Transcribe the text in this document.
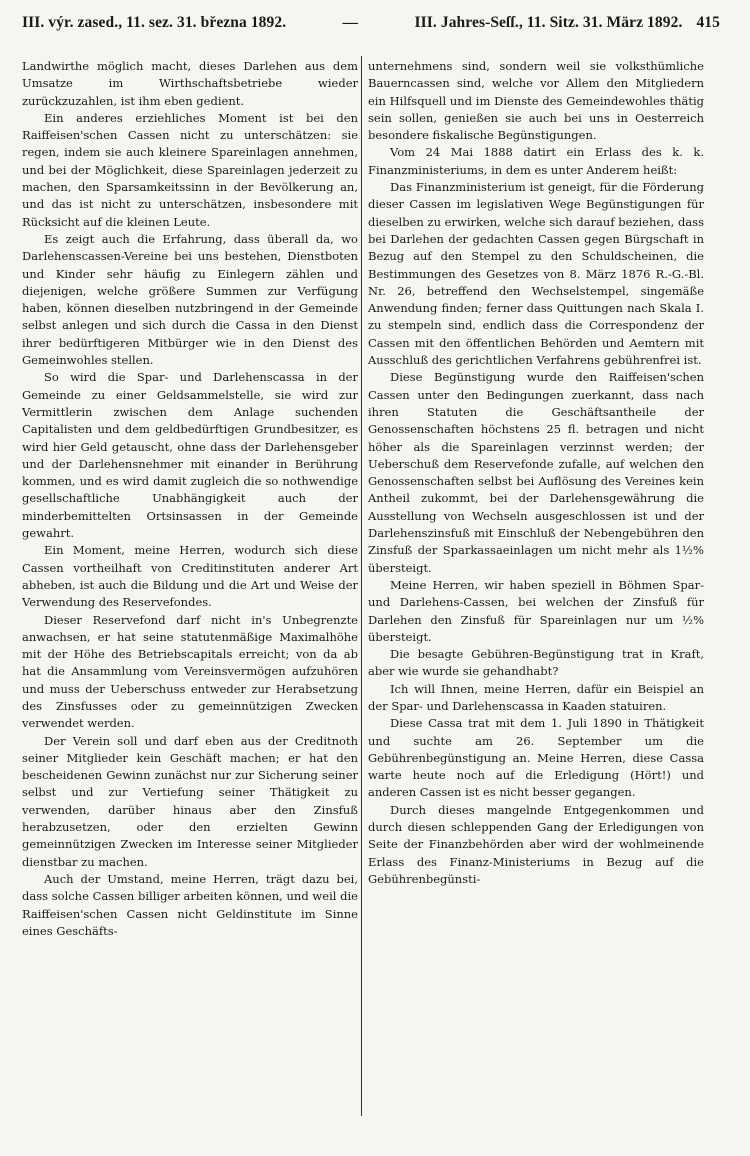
III. výr. zased., 11. sez. 31. března 1892.	—	III. Jahres-Seſſ., 11. Sitz. 31. März 1892. 415

Landwirthe möglich macht, dieses Darlehen aus dem Umsatze im Wirthschaftsbetriebe wieder zurückzuzahlen, ist ihm eben gedient.

Ein anderes erziehliches Moment ist bei den Raiffeisen'schen Cassen nicht zu unterschätzen: sie regen, indem sie auch kleinere Spareinlagen annehmen, und bei der Möglichkeit, diese Spareinlagen jederzeit zu machen, den Sparsamkeitssinn in der Bevölkerung an, und das ist nicht zu unterschätzen, insbesondere mit Rücksicht auf die kleinen Leute.

Es zeigt auch die Erfahrung, dass überall da, wo Darlehenscassen-Vereine bei uns bestehen, Dienstboten und Kinder sehr häufig zu Einlegern zählen und diejenigen, welche größere Summen zur Verfügung haben, können dieselben nutzbringend in der Gemeinde selbst anlegen und sich durch die Cassa in den Dienst ihrer bedürftigeren Mitbürger wie in den Dienst des Gemeinwohles stellen.

So wird die Spar- und Darlehenscassa in der Gemeinde zu einer Geldsammelstelle, sie wird zur Vermittlerin zwischen dem Anlage suchenden Capitalisten und dem geldbedürftigen Grundbesitzer, es wird hier Geld getauscht, ohne dass der Darlehensgeber und der Darlehensnehmer mit einander in Berührung kommen, und es wird damit zugleich die so nothwendige gesellschaftliche Unabhängigkeit auch der minderbemittelten Ortsinsassen in der Gemeinde gewahrt.

Ein Moment, meine Herren, wodurch sich diese Cassen vortheilhaft von Creditinstituten anderer Art abheben, ist auch die Bildung und die Art und Weise der Verwendung des Reservefondes.

Dieser Reservefond darf nicht in's Unbegrenzte anwachsen, er hat seine statutenmäßige Maximalhöhe mit der Höhe des Betriebscapitals erreicht; von da ab hat die Ansammlung vom Vereinsvermögen aufzuhören und muss der Ueberschuss entweder zur Herabsetzung des Zinsfusses oder zu gemeinnützigen Zwecken verwendet werden.

Der Verein soll und darf eben aus der Creditnoth seiner Mitglieder kein Geschäft machen; er hat den bescheidenen Gewinn zunächst nur zur Sicherung seiner selbst und zur Vertiefung seiner Thätigkeit zu verwenden, darüber hinaus aber den Zinsfuß herabzusetzen, oder den erzielten Gewinn gemeinnützigen Zwecken im Interesse seiner Mitglieder dienstbar zu machen.

Auch der Umstand, meine Herren, trägt dazu bei, dass solche Cassen billiger arbeiten können, und weil die Raiffeisen'schen Cassen nicht Geldinstitute im Sinne eines Geschäfts-

unternehmens sind, sondern weil sie volksthümliche Bauerncassen sind, welche vor Allem den Mitgliedern ein Hilfsquell und im Dienste des Gemeindewohles thätig sein sollen, genießen sie auch bei uns in Oesterreich besondere fiskalische Begünstigungen.

Vom 24 Mai 1888 datirt ein Erlass des k. k. Finanzministeriums, in dem es unter Anderem heißt:

Das Finanzministerium ist geneigt, für die Förderung dieser Cassen im legislativen Wege Begünstigungen für dieselben zu erwirken, welche sich darauf beziehen, dass bei Darlehen der gedachten Cassen gegen Bürgschaft in Bezug auf den Stempel zu den Schuldscheinen, die Bestimmungen des Gesetzes von 8. März 1876 R.-G.-Bl. Nr. 26, betreffend den Wechselstempel, singemäße Anwendung finden; ferner dass Quittungen nach Skala I. zu stempeln sind, endlich dass die Correspondenz der Cassen mit den öffentlichen Behörden und Aemtern mit Ausschluß des gerichtlichen Verfahrens gebührenfrei ist.

Diese Begünstigung wurde den Raiffeisen'schen Cassen unter den Bedingungen zuerkannt, dass nach ihren Statuten die Geschäftsantheile der Genossenschaften höchstens 25 fl. betragen und nicht höher als die Spareinlagen verzinnst werden; der Ueberschuß dem Reservefonde zufalle, auf welchen den Genossenschaften selbst bei Auflösung des Vereines kein Antheil zukommt, bei der Darlehensgewährung die Ausstellung von Wechseln ausgeschlossen ist und der Darlehenszinsfuß mit Einschluß der Nebengebühren den Zinsfuß der Sparkassaeinlagen um nicht mehr als 1½% übersteigt.

Meine Herren, wir haben speziell in Böhmen Spar- und Darlehens-Cassen, bei welchen der Zinsfuß für Darlehen den Zinsfuß für Spareinlagen nur um ½% übersteigt.

Die besagte Gebühren-Begünstigung trat in Kraft, aber wie wurde sie gehandhabt?

Ich will Ihnen, meine Herren, dafür ein Beispiel an der Spar- und Darlehenscassa in Kaaden statuiren.

Diese Cassa trat mit dem 1. Juli 1890 in Thätigkeit und suchte am 26. September um die Gebührenbegünstigung an. Meine Herren, diese Cassa warte heute noch auf die Erledigung (Hört!) und anderen Cassen ist es nicht besser gegangen.

Durch dieses mangelnde Entgegenkommen und durch diesen schleppenden Gang der Erledigungen von Seite der Finanzbehörden aber wird der wohlmeinende Erlass des Finanz-Ministeriums in Bezug auf die Gebührenbegünsti-
